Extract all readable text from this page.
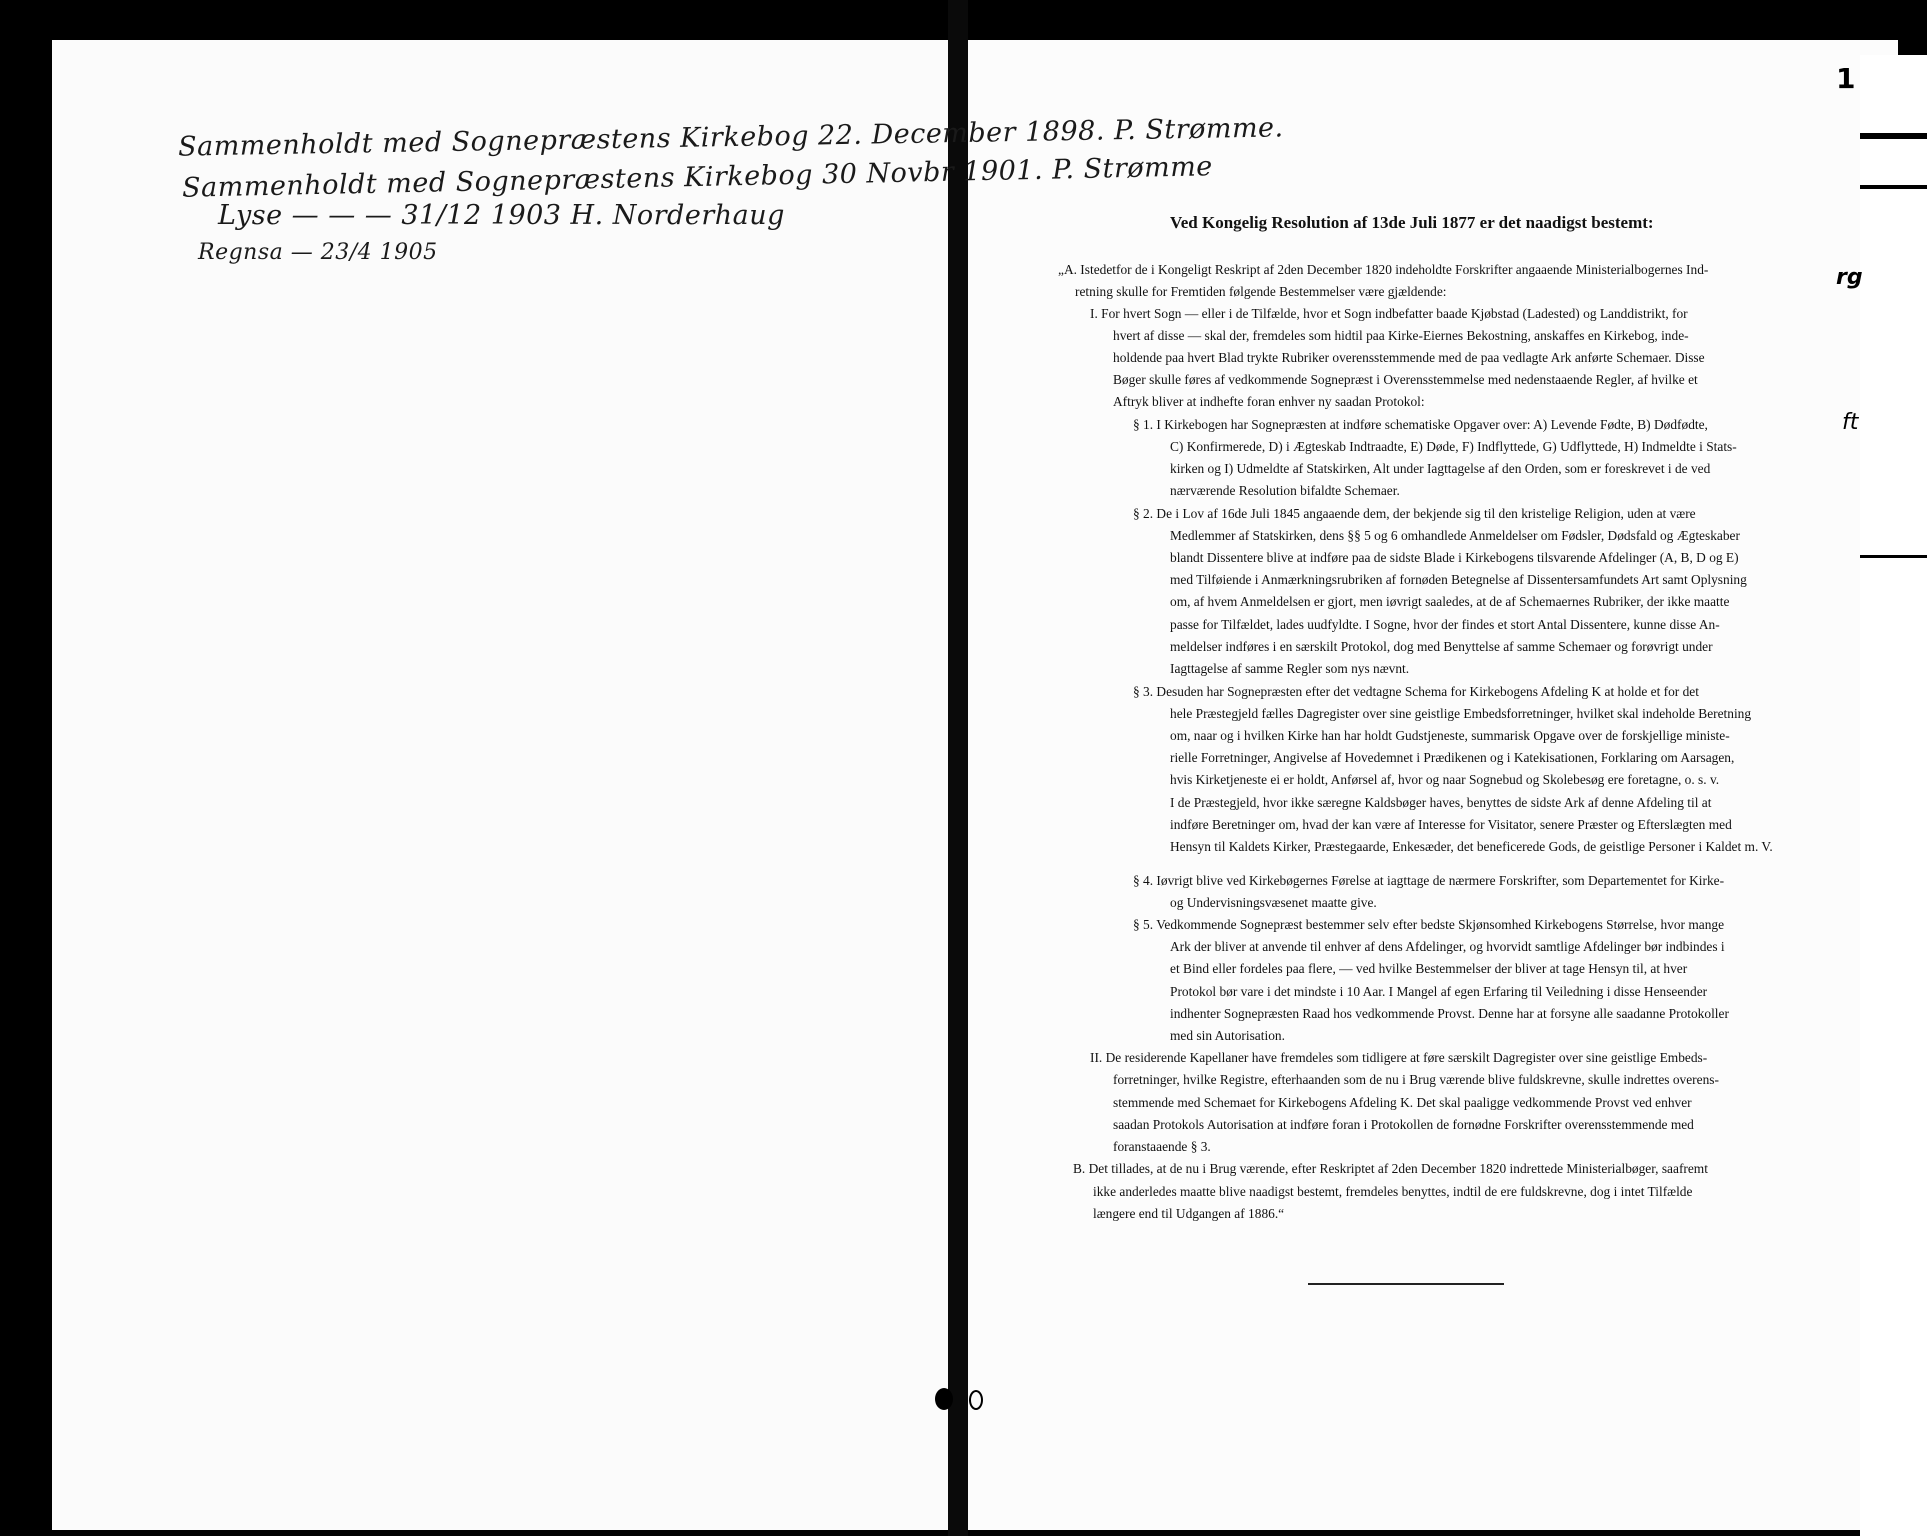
1
rg
ft
Sammenholdt med Sognepræstens Kirkebog 22. December 1898. P. Strømme.
Sammenholdt med Sognepræstens Kirkebog 30 Novbr 1901. P. Strømme
Lyse — — — 31/12 1903 H. Norderhaug
Regnsa — 23/4 1905
Ved Kongelig Resolution af 13de Juli 1877 er det naadigst bestemt:
„A. Istedetfor de i Kongeligt Reskript af 2den December 1820 indeholdte Forskrifter angaaende Ministerialbogernes Ind-
retning skulle for Fremtiden følgende Bestemmelser være gjældende:
I. For hvert Sogn — eller i de Tilfælde, hvor et Sogn indbefatter baade Kjøbstad (Ladested) og Landdistrikt, for
hvert af disse — skal der, fremdeles som hidtil paa Kirke-Eiernes Bekostning, anskaffes en Kirkebog, inde-
holdende paa hvert Blad trykte Rubriker overensstemmende med de paa vedlagte Ark anførte Schemaer. Disse
Bøger skulle føres af vedkommende Sognepræst i Overensstemmelse med nedenstaaende Regler, af hvilke et
Aftryk bliver at indhefte foran enhver ny saadan Protokol:
§ 1. I Kirkebogen har Sognepræsten at indføre schematiske Opgaver over: A) Levende Fødte, B) Dødfødte,
C) Konfirmerede, D) i Ægteskab Indtraadte, E) Døde, F) Indflyttede, G) Udflyttede, H) Indmeldte i Stats-
kirken og I) Udmeldte af Statskirken, Alt under Iagttagelse af den Orden, som er foreskrevet i de ved
nærværende Resolution bifaldte Schemaer.
§ 2. De i Lov af 16de Juli 1845 angaaende dem, der bekjende sig til den kristelige Religion, uden at være
Medlemmer af Statskirken, dens §§ 5 og 6 omhandlede Anmeldelser om Fødsler, Dødsfald og Ægteskaber
blandt Dissentere blive at indføre paa de sidste Blade i Kirkebogens tilsvarende Afdelinger (A, B, D og E)
med Tilføiende i Anmærkningsrubriken af fornøden Betegnelse af Dissentersamfundets Art samt Oplysning
om, af hvem Anmeldelsen er gjort, men iøvrigt saaledes, at de af Schemaernes Rubriker, der ikke maatte
passe for Tilfældet, lades uudfyldte. I Sogne, hvor der findes et stort Antal Dissentere, kunne disse An-
meldelser indføres i en særskilt Protokol, dog med Benyttelse af samme Schemaer og forøvrigt under
Iagttagelse af samme Regler som nys nævnt.
§ 3. Desuden har Sognepræsten efter det vedtagne Schema for Kirkebogens Afdeling K at holde et for det
hele Præstegjeld fælles Dagregister over sine geistlige Embedsforretninger, hvilket skal indeholde Beretning
om, naar og i hvilken Kirke han har holdt Gudstjeneste, summarisk Opgave over de forskjellige ministe-
rielle Forretninger, Angivelse af Hovedemnet i Prædikenen og i Katekisationen, Forklaring om Aarsagen,
hvis Kirketjeneste ei er holdt, Anførsel af, hvor og naar Sognebud og Skolebesøg ere foretagne, o. s. v.
I de Præstegjeld, hvor ikke særegne Kaldsbøger haves, benyttes de sidste Ark af denne Afdeling til at
indføre Beretninger om, hvad der kan være af Interesse for Visitator, senere Præster og Efterslægten med
Hensyn til Kaldets Kirker, Præstegaarde, Enkesæder, det beneficerede Gods, de geistlige Personer i Kaldet m. V.
§ 4. Iøvrigt blive ved Kirkebøgernes Førelse at iagttage de nærmere Forskrifter, som Departementet for Kirke-
og Undervisningsvæsenet maatte give.
§ 5. Vedkommende Sognepræst bestemmer selv efter bedste Skjønsomhed Kirkebogens Størrelse, hvor mange
Ark der bliver at anvende til enhver af dens Afdelinger, og hvorvidt samtlige Afdelinger bør indbindes i
et Bind eller fordeles paa flere, — ved hvilke Bestemmelser der bliver at tage Hensyn til, at hver
Protokol bør vare i det mindste i 10 Aar. I Mangel af egen Erfaring til Veiledning i disse Henseender
indhenter Sognepræsten Raad hos vedkommende Provst. Denne har at forsyne alle saadanne Protokoller
med sin Autorisation.
II. De residerende Kapellaner have fremdeles som tidligere at føre særskilt Dagregister over sine geistlige Embeds-
forretninger, hvilke Registre, efterhaanden som de nu i Brug værende blive fuldskrevne, skulle indrettes overens-
stemmende med Schemaet for Kirkebogens Afdeling K. Det skal paaligge vedkommende Provst ved enhver
saadan Protokols Autorisation at indføre foran i Protokollen de fornødne Forskrifter overensstemmende med
foranstaaende § 3.
B. Det tillades, at de nu i Brug værende, efter Reskriptet af 2den December 1820 indrettede Ministerialbøger, saafremt
ikke anderledes maatte blive naadigst bestemt, fremdeles benyttes, indtil de ere fuldskrevne, dog i intet Tilfælde
længere end til Udgangen af 1886.“
